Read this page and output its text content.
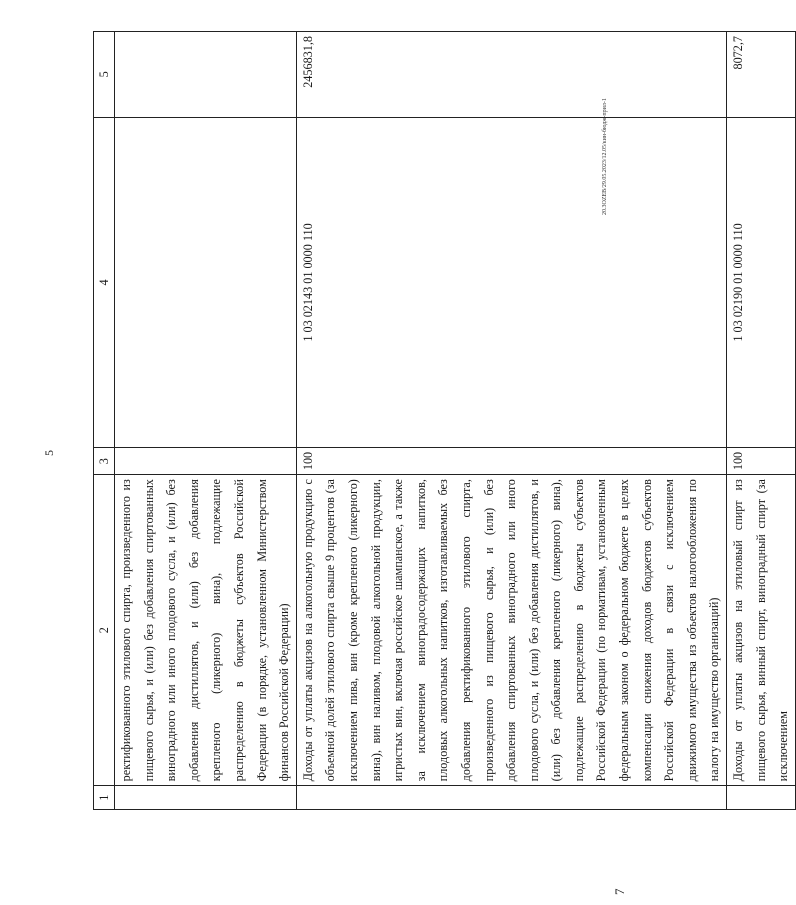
5
1	2	3	4	5
	ректификованного этилового спирта, произведенного из пищевого сырья, и (или) без добавления спиртованных виноградного или иного плодового сусла, и (или) без добавления дистиллятов, и (или) без добавления крепленого (ликерного) вина), подлежащие распределению в бюджеты субъектов Российской Федерации (в порядке, установленном Министерством финансов Российской Федерации)			
	Доходы от уплаты акцизов на алкогольную продукцию с объемной долей этилового спирта свыше 9 процентов (за исключением пива, вин (кроме крепленого (ликерного) вина), вин наливом, плодовой алкогольной продукции, игристых вин, включая российское шампанское, а также за исключением виноградосодержащих напитков, плодовых алкогольных напитков, изготавливаемых без добавления ректификованного этилового спирта, произведенного из пищевого сырья, и (или) без добавления спиртованных виноградного или иного плодового сусла, и (или) без добавления дистиллятов, и (или) без добавления крепленого (ликерного) вина), подлежащие распределению в бюджеты субъектов Российской Федерации (по нормативам, установленным федеральным законом о федеральном бюджете в целях компенсации снижения доходов бюджетов субъектов Российской Федерации в связи с исключением движимого имущества из объектов налогообложения по налогу на имущество организаций)	100	1 03 02143 01 0000 110	2456831,8
	Доходы от уплаты акцизов на этиловый спирт из пищевого сырья, винный спирт, виноградный спирт (за исключением	100	1 03 02190 01 0000 110	8072,7
20.3OZEB/29.05.2023/12.05/кин-бюдж-прил-1
7
